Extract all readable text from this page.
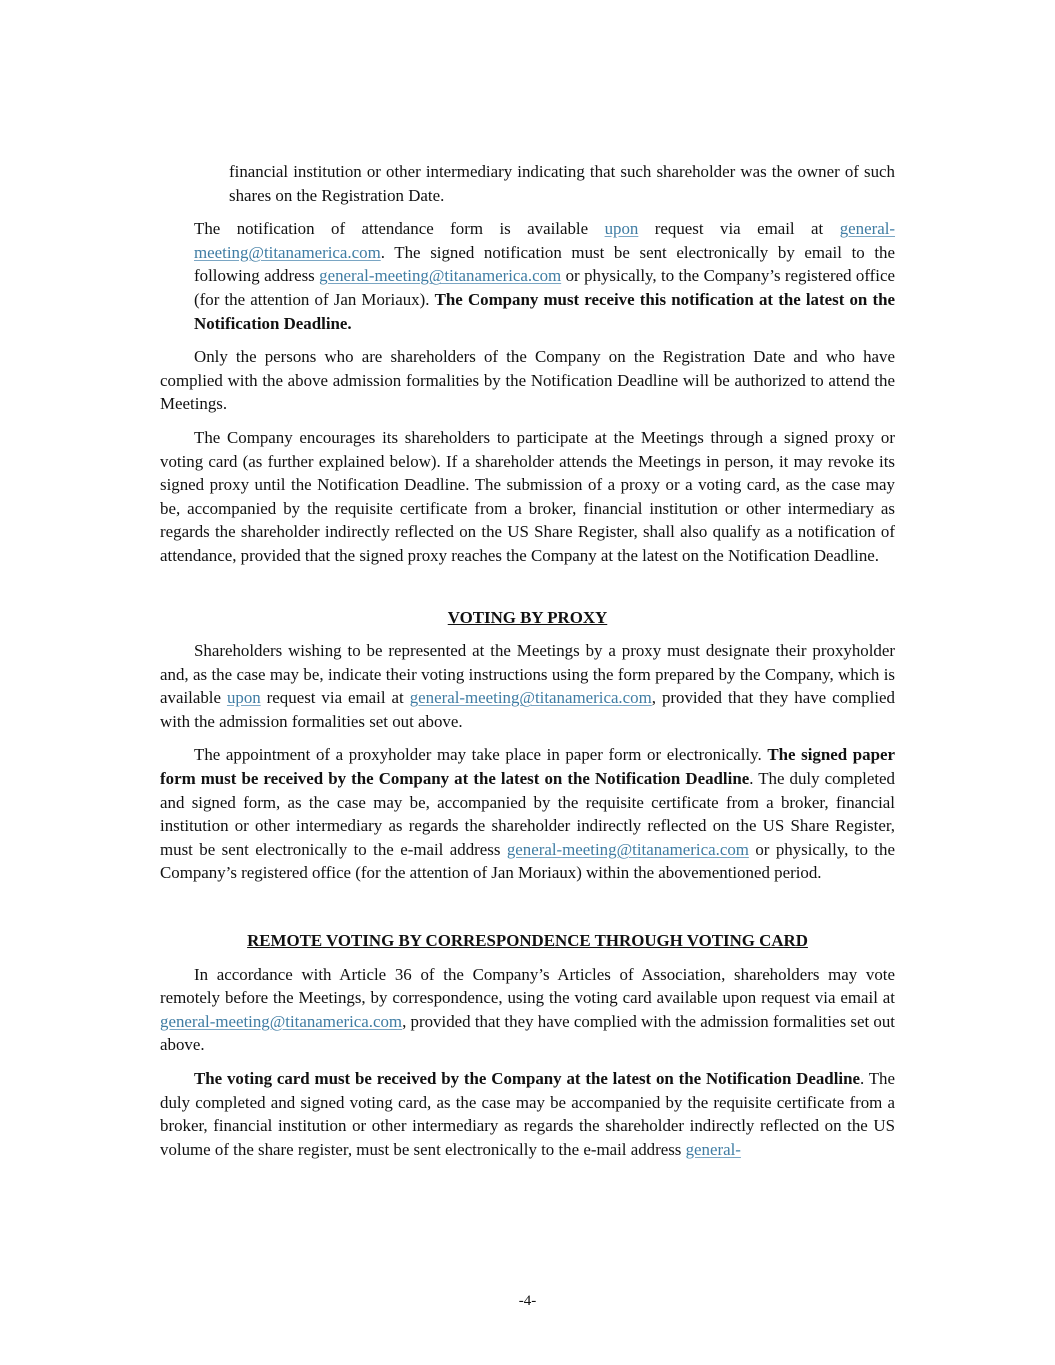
financial institution or other intermediary indicating that such shareholder was the owner of such shares on the Registration Date.

The notification of attendance form is available upon request via email at general-meeting@titanamerica.com. The signed notification must be sent electronically by email to the following address general-meeting@titanamerica.com or physically, to the Company’s registered office (for the attention of Jan Moriaux). The Company must receive this notification at the latest on the Notification Deadline.

Only the persons who are shareholders of the Company on the Registration Date and who have complied with the above admission formalities by the Notification Deadline will be authorized to attend the Meetings.

The Company encourages its shareholders to participate at the Meetings through a signed proxy or voting card (as further explained below). If a shareholder attends the Meetings in person, it may revoke its signed proxy until the Notification Deadline. The submission of a proxy or a voting card, as the case may be, accompanied by the requisite certificate from a broker, financial institution or other intermediary as regards the shareholder indirectly reflected on the US Share Register, shall also qualify as a notification of attendance, provided that the signed proxy reaches the Company at the latest on the Notification Deadline.

VOTING BY PROXY

Shareholders wishing to be represented at the Meetings by a proxy must designate their proxyholder and, as the case may be, indicate their voting instructions using the form prepared by the Company, which is available upon request via email at general-meeting@titanamerica.com, provided that they have complied with the admission formalities set out above.

The appointment of a proxyholder may take place in paper form or electronically. The signed paper form must be received by the Company at the latest on the Notification Deadline. The duly completed and signed form, as the case may be, accompanied by the requisite certificate from a broker, financial institution or other intermediary as regards the shareholder indirectly reflected on the US Share Register, must be sent electronically to the e-mail address general-meeting@titanamerica.com or physically, to the Company’s registered office (for the attention of Jan Moriaux) within the abovementioned period.

REMOTE VOTING BY CORRESPONDENCE THROUGH VOTING CARD

In accordance with Article 36 of the Company’s Articles of Association, shareholders may vote remotely before the Meetings, by correspondence, using the voting card available upon request via email at general-meeting@titanamerica.com, provided that they have complied with the admission formalities set out above.

The voting card must be received by the Company at the latest on the Notification Deadline. The duly completed and signed voting card, as the case may be accompanied by the requisite certificate from a broker, financial institution or other intermediary as regards the shareholder indirectly reflected on the US volume of the share register, must be sent electronically to the e-mail address general-

-4-
